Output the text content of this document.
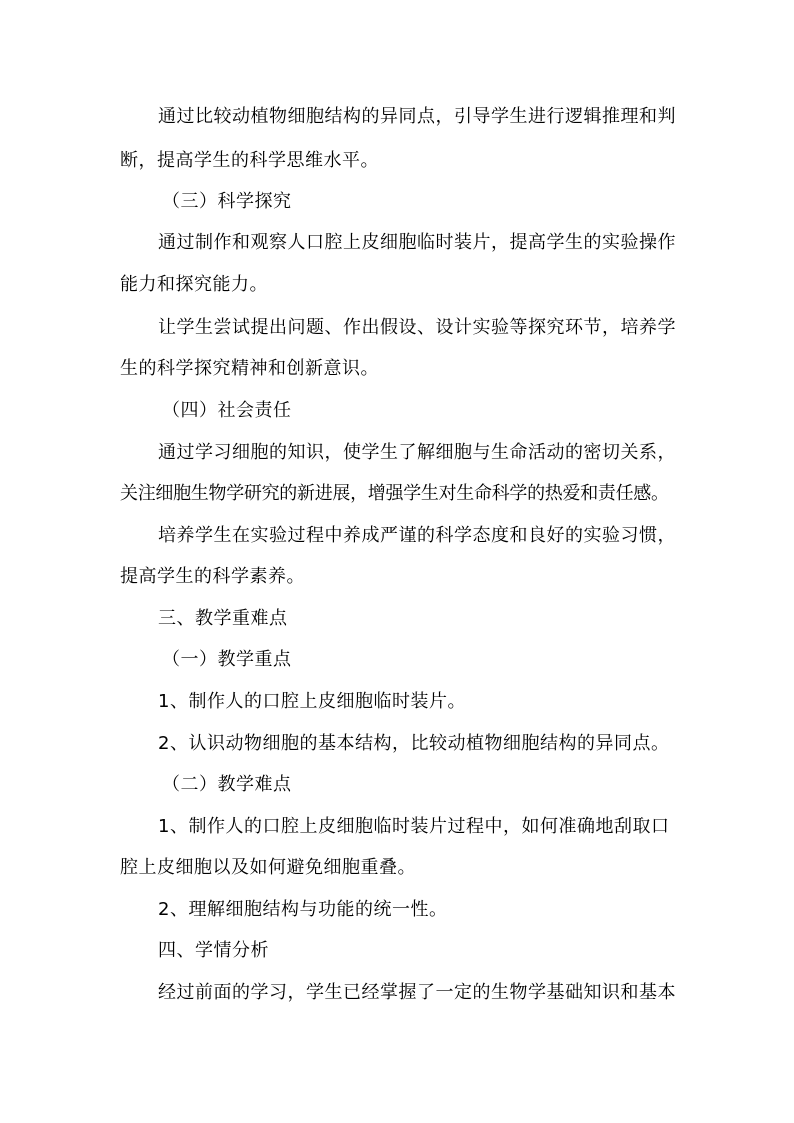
通过比较动植物细胞结构的异同点，引导学生进行逻辑推理和判
断，提高学生的科学思维水平。
（三）科学探究
通过制作和观察人口腔上皮细胞临时装片，提高学生的实验操作
能力和探究能力。
让学生尝试提出问题、作出假设、设计实验等探究环节，培养学
生的科学探究精神和创新意识。
（四）社会责任
通过学习细胞的知识，使学生了解细胞与生命活动的密切关系，
关注细胞生物学研究的新进展，增强学生对生命科学的热爱和责任感。
培养学生在实验过程中养成严谨的科学态度和良好的实验习惯，
提高学生的科学素养。
三、教学重难点
（一）教学重点
1、制作人的口腔上皮细胞临时装片。
2、认识动物细胞的基本结构，比较动植物细胞结构的异同点。
（二）教学难点
1、制作人的口腔上皮细胞临时装片过程中，如何准确地刮取口
腔上皮细胞以及如何避免细胞重叠。
2、理解细胞结构与功能的统一性。
四、学情分析
经过前面的学习，学生已经掌握了一定的生物学基础知识和基本
